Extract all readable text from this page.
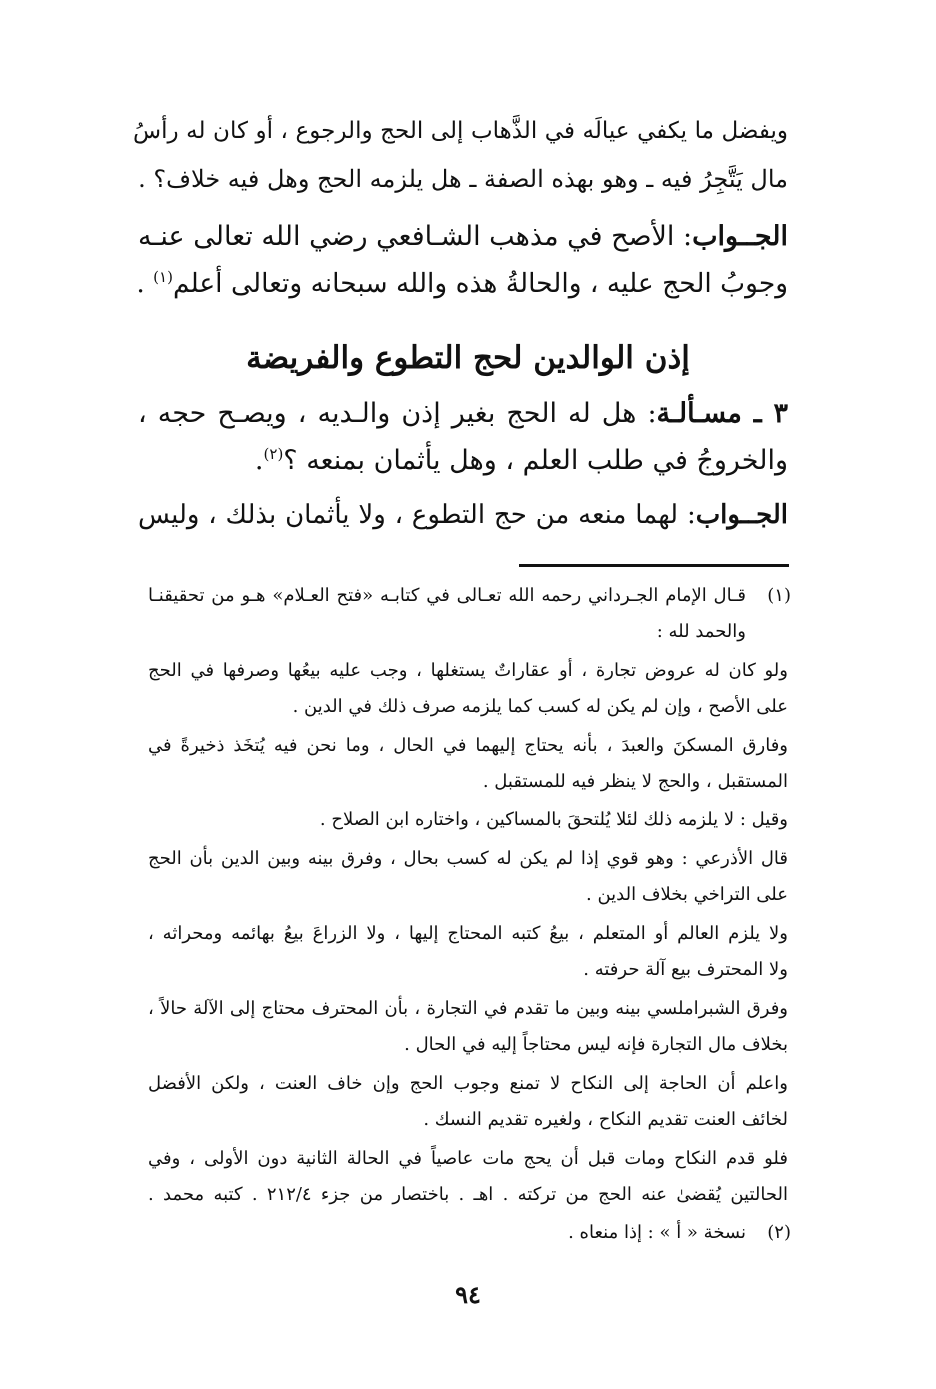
ويفضل ما يكفي عيالَه في الذَّهاب إلى الحج والرجوع ، أو كان له رأسُ
مال يَتَّجِرُ فيه ـ وهو بهذه الصفة ـ هل يلزمه الحج وهل فيه خلاف؟ .
الجــواب: الأصح في مذهب الشـافعي رضي الله تعالى عنـه
وجوبُ الحج عليه ، والحالةُ هذه والله سبحانه وتعالى أعلم$^{(١)}$ .
إذن الوالدين لحج التطوع والفريضة
٣ ـ مسـألـة: هل له الحج بغير إذن والـديه ، ويصـح حجه ،
والخروجُ في طلب العلم ، وهل يأثمان بمنعه ؟$^{(٢)}$.
الجــواب: لهما منعه من حج التطوع ، ولا يأثمان بذلك ، وليس
(١)
قـال الإمام الجـرداني رحمه الله تعـالى في كتابـه «فتح العـلام» هـو من تحقيقنـا
والحمد لله :
ولو كان له عروض تجارة ، أو عقاراتٌ يستغلها ، وجب عليه بيعُها وصرفها في الحج
على الأصح ، وإن لم يكن له كسب كما يلزمه صرف ذلك في الدين .
وفارق المسكنَ والعبدَ ، بأنه يحتاج إليهما في الحال ، وما نحن فيه يُتخَذ ذخيرةً في
المستقبل ، والحج لا ينظر فيه للمستقبل .
وقيل : لا يلزمه ذلك لئلا يُلتحقَ بالمساكين ، واختاره ابن الصلاح .
قال الأذرعي : وهو قوي إذا لم يكن له كسب بحال ، وفرق بينه وبين الدين بأن الحج
على التراخي بخلاف الدين .
ولا يلزم العالم أو المتعلم ، بيعُ كتبه المحتاج إليها ، ولا الزراعَ بيعُ بهائمه ومحراثه ،
ولا المحترف بيع آلة حرفته .
وفرق الشبراملسي بينه وبين ما تقدم في التجارة ، بأن المحترف محتاج إلى الآلة حالاً ،
بخلاف مال التجارة فإنه ليس محتاجاً إليه في الحال .
واعلم أن الحاجة إلى النكاح لا تمنع وجوب الحج وإن خاف العنت ، ولكن الأفضل
لخائف العنت تقديم النكاح ، ولغيره تقديم النسك .
فلو قدم النكاح ومات قبل أن يحج مات عاصياً في الحالة الثانية دون الأولى ، وفي
الحالتين يُقضىٰ عنه الحج من تركته . اهـ . باختصار من جزء ٢١٢/٤ . كتبه محمد .
(٢)
نسخة « أ » : إذا منعاه .
٩٤
